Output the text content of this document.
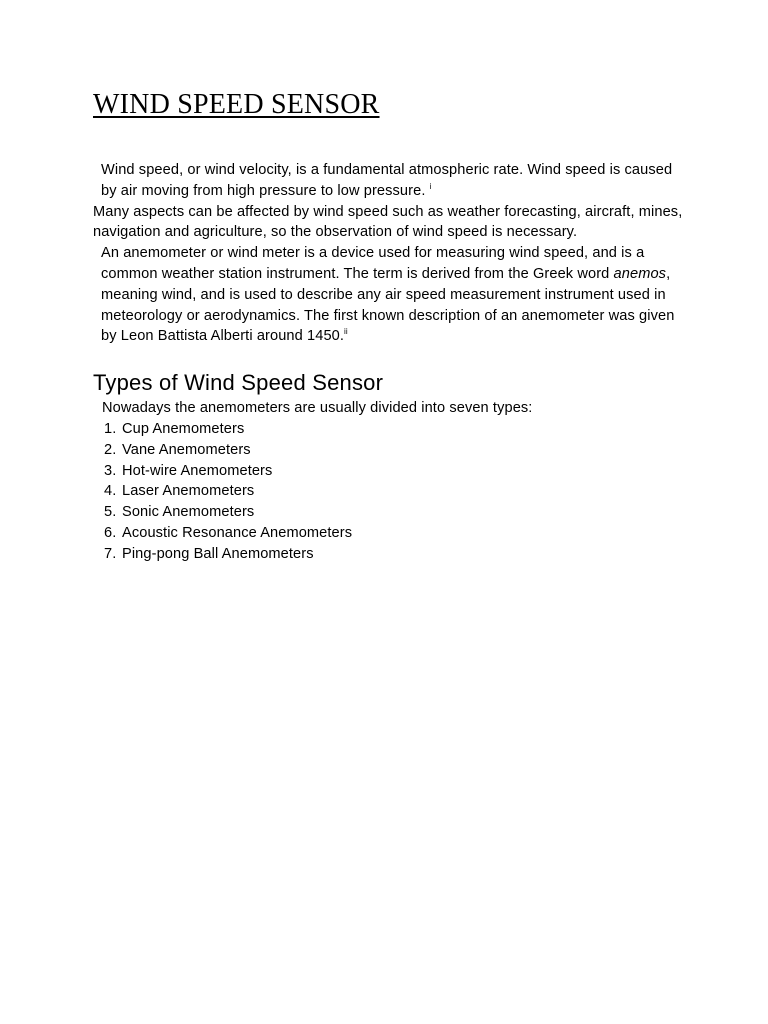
WIND SPEED SENSOR

Wind speed, or wind velocity, is a fundamental atmospheric rate. Wind speed is caused by air moving from high pressure to low pressure. $^i$

Many aspects can be affected by wind speed such as weather forecasting, aircraft, mines, navigation and agriculture, so the observation of wind speed is necessary.

An anemometer or wind meter is a device used for measuring wind speed, and is a common weather station instrument. The term is derived from the Greek word anemos, meaning wind, and is used to describe any air speed measurement instrument used in meteorology or aerodynamics. The first known description of an anemometer was given by Leon Battista Alberti around 1450.$^{ii}$

Types of Wind Speed Sensor

Nowadays the anemometers are usually divided into seven types:

1. Cup Anemometers
2. Vane Anemometers
3. Hot-wire Anemometers
4. Laser Anemometers
5. Sonic Anemometers
6. Acoustic Resonance Anemometers
7. Ping-pong Ball Anemometers
